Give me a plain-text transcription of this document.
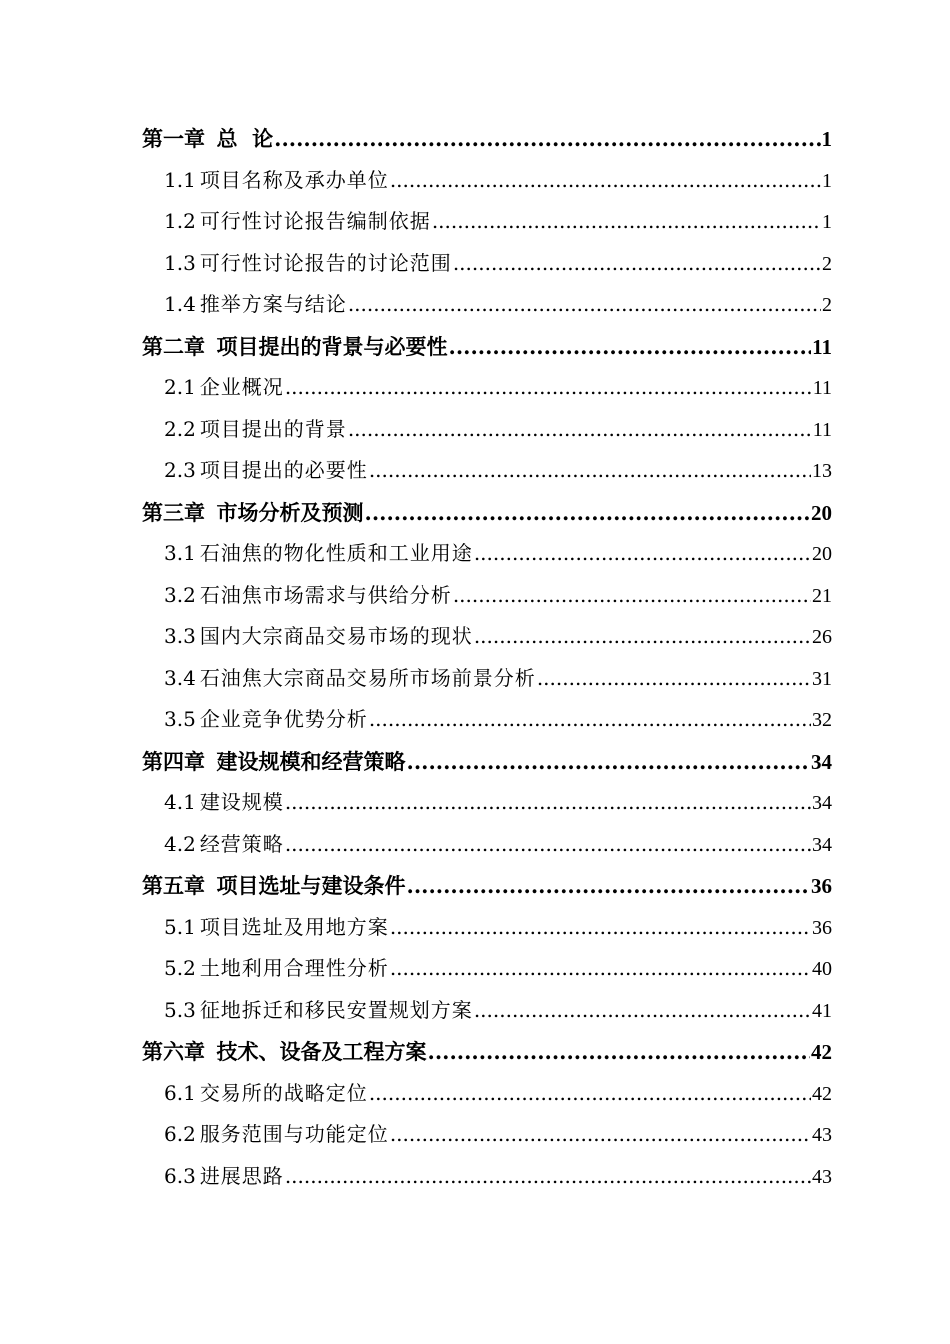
第一章 总  论 .....	1
1.1 项目名称及承办单位 .....	1
1.2 可行性讨论报告编制依据 .....	1
1.3 可行性讨论报告的讨论范围 .....	2
1.4 推举方案与结论 .....	2
第二章 项目提出的背景与必要性 .....	11
2.1 企业概况 .....	11
2.2 项目提出的背景 .....	11
2.3 项目提出的必要性 .....	13
第三章 市场分析及预测 .....	20
3.1 石油焦的物化性质和工业用途 .....	20
3.2 石油焦市场需求与供给分析 .....	21
3.3 国内大宗商品交易市场的现状 .....	26
3.4 石油焦大宗商品交易所市场前景分析 .....	31
3.5 企业竞争优势分析 .....	32
第四章 建设规模和经营策略 .....	34
4.1 建设规模 .....	34
4.2 经营策略 .....	34
第五章 项目选址与建设条件 .....	36
5.1 项目选址及用地方案 .....	36
5.2 土地利用合理性分析 .....	40
5.3 征地拆迁和移民安置规划方案 .....	41
第六章 技术、设备及工程方案 .....	42
6.1 交易所的战略定位 .....	42
6.2 服务范围与功能定位 .....	43
6.3 进展思路 .....	43
